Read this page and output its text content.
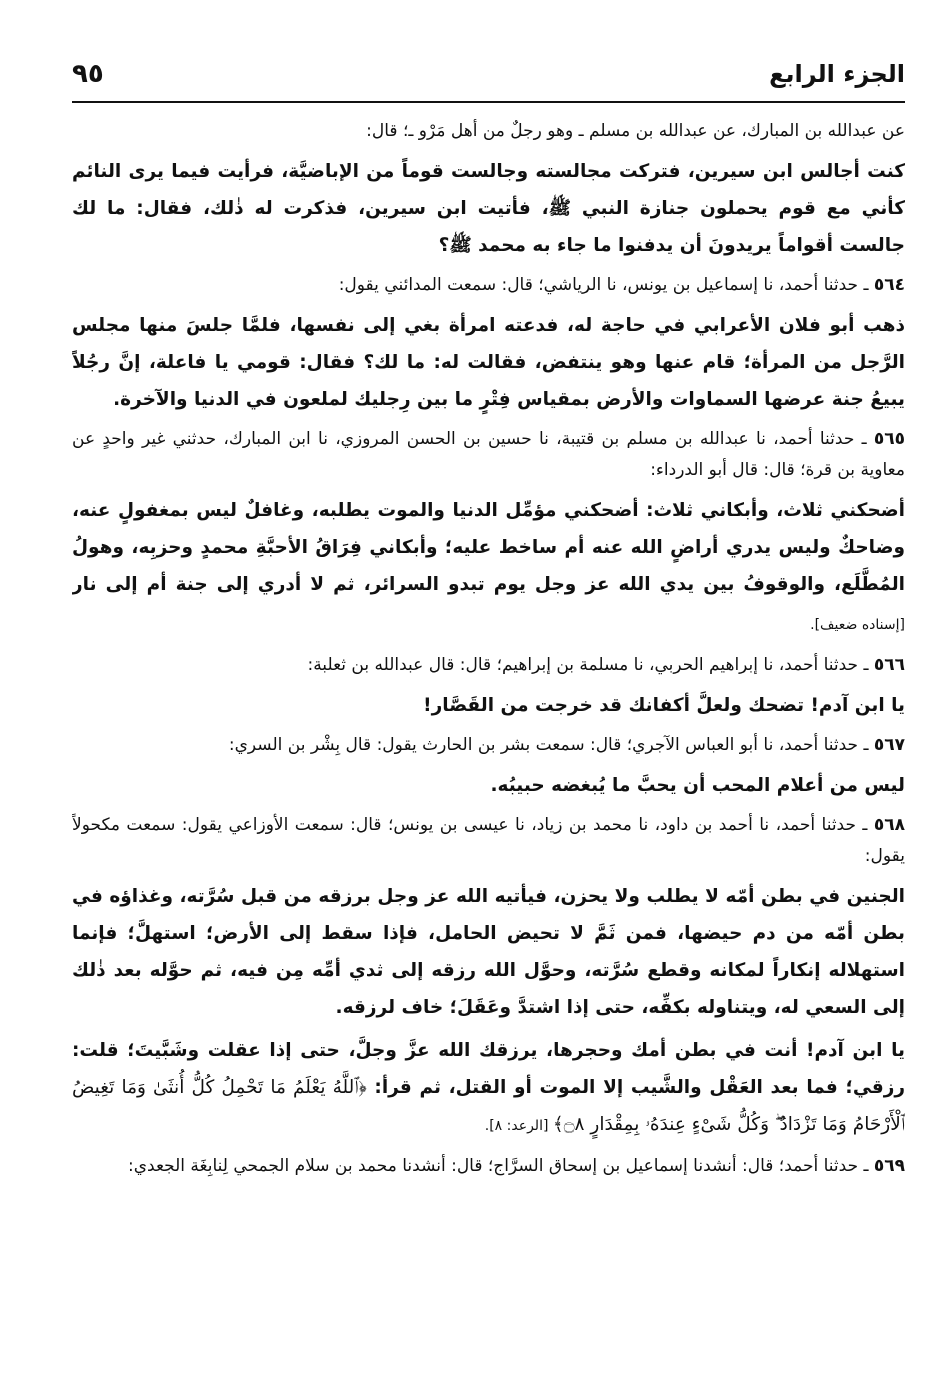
٩٥	الجزء الرابع

عن عبدالله بن المبارك، عن عبدالله بن مسلم ـ وهو رجلٌ من أهل مَرْو ـ؛ قال:

كنت أجالس ابن سيرين، فتركت مجالسته وجالست قوماً من الإباضيَّة، فرأيت فيما يرى النائم كأني مع قوم يحملون جنازة النبي ﷺ، فأتيت ابن سيرين، فذكرت له ذٰلك، فقال: ما لك جالست أقواماً يريدونَ أن يدفنوا ما جاء به محمد ﷺ؟

٥٦٤ ـ حدثنا أحمد، نا إسماعيل بن يونس، نا الرياشي؛ قال: سمعت المدائني يقول:

ذهب أبو فلان الأعرابي في حاجة له، فدعته امرأة بغي إلى نفسها، فلمَّا جلسَ منها مجلس الرَّجل من المرأة؛ قام عنها وهو ينتفض، فقالت له: ما لك؟ فقال: قومي يا فاعلة، إنَّ رجُلاً يبيعُ جنة عرضها السماوات والأرض بمقياس فِتْرٍ ما بين رِجليك لملعون في الدنيا والآخرة.

٥٦٥ ـ حدثنا أحمد، نا عبدالله بن مسلم بن قتيبة، نا حسين بن الحسن المروزي، نا ابن المبارك، حدثني غير واحدٍ عن معاوية بن قرة؛ قال: قال أبو الدرداء:

أضحكني ثلاث، وأبكاني ثلاث: أضحكني مؤمِّل الدنيا والموت يطلبه، وغافلٌ ليس بمغفولٍ عنه، وضاحكٌ وليس يدري أراضٍ الله عنه أم ساخط عليه؛ وأبكاني فِرَاقُ الأحبَّةِ محمدٍ وحزبِه، وهولُ المُطَّلَع، والوقوفُ بين يدي الله عز وجل يوم تبدو السرائر، ثم لا أدري إلى جنة أم إلى نار [إسناده ضعيف].

٥٦٦ ـ حدثنا أحمد، نا إبراهيم الحربي، نا مسلمة بن إبراهيم؛ قال: قال عبدالله بن ثعلبة:

يا ابن آدم! تضحك ولعلَّ أكفانك قد خرجت من القَصَّار!

٥٦٧ ـ حدثنا أحمد، نا أبو العباس الآجري؛ قال: سمعت بشر بن الحارث يقول: قال بِشْر بن السري:

ليس من أعلام المحب أن يحبَّ ما يُبغضه حبيبُه.

٥٦٨ ـ حدثنا أحمد، نا أحمد بن داود، نا محمد بن زياد، نا عيسى بن يونس؛ قال: سمعت الأوزاعي يقول: سمعت مكحولاً يقول:

الجنين في بطن أمّه لا يطلب ولا يحزن، فيأتيه الله عز وجل برزقه من قبل سُرَّته، وغذاؤه في بطن أمّه من دم حيضها، فمن ثَمَّ لا تحيض الحامل، فإذا سقط إلى الأرض؛ استهلَّ؛ فإنما استهلاله إنكاراً لمكانه وقطع سُرَّته، وحوَّل الله رزقه إلى ثدي أمِّه مِن فيه، ثم حوَّله بعد ذٰلك إلى السعي له، ويتناوله بكفِّه، حتى إذا اشتدَّ وعَقَلَ؛ خاف لرزقه.

يا ابن آدم! أنت في بطن أمك وحجرها، يرزقك الله عزَّ وجلَّ، حتى إذا عقلت وشَبَّيتَ؛ قلت: رزقي؛ فما بعد العَقْل والشَّيب إلا الموت أو القتل، ثم قرأ: ﴿ٱللَّهُ يَعْلَمُ مَا تَحْمِلُ كُلُّ أُنثَىٰ وَمَا تَغِيضُ ٱلْأَرْحَامُ وَمَا تَزْدَادُ ۖ وَكُلُّ شَىْءٍ عِندَهُۥ بِمِقْدَارٍ ۝٨﴾ [الرعد: ٨].

٥٦٩ ـ حدثنا أحمد؛ قال: أنشدنا إسماعيل بن إسحاق السرَّاج؛ قال: أنشدنا محمد بن سلام الجمحي لِنابِغَة الجعدي:
